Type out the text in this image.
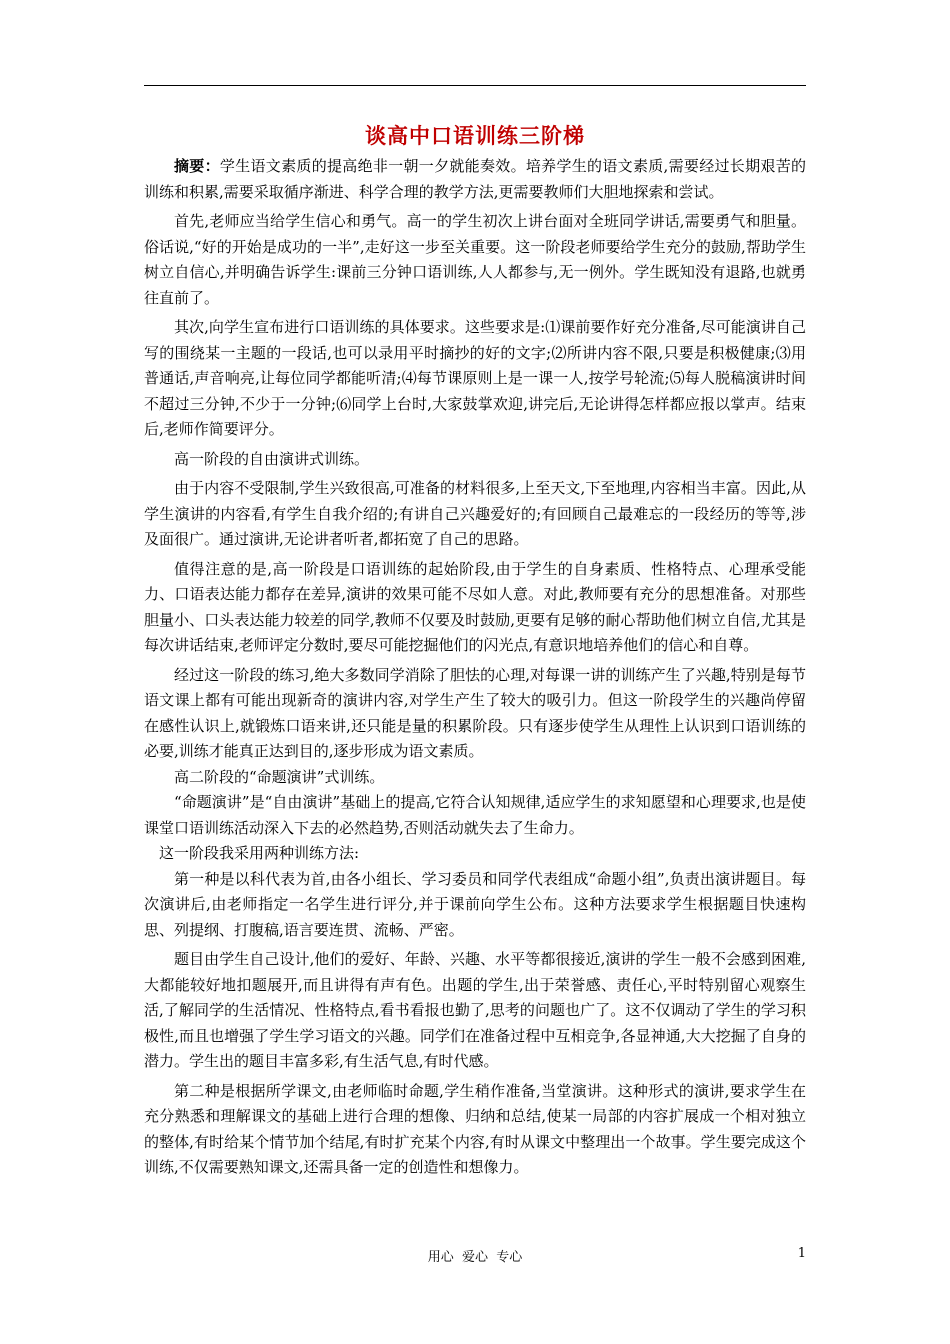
谈高中口语训练三阶梯

摘要：学生语文素质的提高绝非一朝一夕就能奏效。培养学生的语文素质,需要经过长期艰苦的训练和积累,需要采取循序渐进、科学合理的教学方法,更需要教师们大胆地探索和尝试。

首先,老师应当给学生信心和勇气。高一的学生初次上讲台面对全班同学讲话,需要勇气和胆量。俗话说,“好的开始是成功的一半”,走好这一步至关重要。这一阶段老师要给学生充分的鼓励,帮助学生树立自信心,并明确告诉学生:课前三分钟口语训练,人人都参与,无一例外。学生既知没有退路,也就勇往直前了。

其次,向学生宣布进行口语训练的具体要求。这些要求是:⑴课前要作好充分准备,尽可能演讲自己写的围绕某一主题的一段话,也可以录用平时摘抄的好的文字;⑵所讲内容不限,只要是积极健康;⑶用普通话,声音响亮,让每位同学都能听清;⑷每节课原则上是一课一人,按学号轮流;⑸每人脱稿演讲时间不超过三分钟,不少于一分钟;⑹同学上台时,大家鼓掌欢迎,讲完后,无论讲得怎样都应报以掌声。结束后,老师作简要评分。

高一阶段的自由演讲式训练。

由于内容不受限制,学生兴致很高,可准备的材料很多,上至天文,下至地理,内容相当丰富。因此,从学生演讲的内容看,有学生自我介绍的;有讲自己兴趣爱好的;有回顾自己最难忘的一段经历的等等,涉及面很广。通过演讲,无论讲者听者,都拓宽了自己的思路。

值得注意的是,高一阶段是口语训练的起始阶段,由于学生的自身素质、性格特点、心理承受能力、口语表达能力都存在差异,演讲的效果可能不尽如人意。对此,教师要有充分的思想准备。对那些胆量小、口头表达能力较差的同学,教师不仅要及时鼓励,更要有足够的耐心帮助他们树立自信,尤其是每次讲话结束,老师评定分数时,要尽可能挖掘他们的闪光点,有意识地培养他们的信心和自尊。

经过这一阶段的练习,绝大多数同学消除了胆怯的心理,对每课一讲的训练产生了兴趣,特别是每节语文课上都有可能出现新奇的演讲内容,对学生产生了较大的吸引力。但这一阶段学生的兴趣尚停留在感性认识上,就锻炼口语来讲,还只能是量的积累阶段。只有逐步使学生从理性上认识到口语训练的必要,训练才能真正达到目的,逐步形成为语文素质。

高二阶段的“命题演讲”式训练。

“命题演讲”是“自由演讲”基础上的提高,它符合认知规律,适应学生的求知愿望和心理要求,也是使课堂口语训练活动深入下去的必然趋势,否则活动就失去了生命力。

这一阶段我采用两种训练方法:

第一种是以科代表为首,由各小组长、学习委员和同学代表组成“命题小组”,负责出演讲题目。每次演讲后,由老师指定一名学生进行评分,并于课前向学生公布。这种方法要求学生根据题目快速构思、列提纲、打腹稿,语言要连贯、流畅、严密。

题目由学生自己设计,他们的爱好、年龄、兴趣、水平等都很接近,演讲的学生一般不会感到困难,大都能较好地扣题展开,而且讲得有声有色。出题的学生,出于荣誉感、责任心,平时特别留心观察生活,了解同学的生活情况、性格特点,看书看报也勤了,思考的问题也广了。这不仅调动了学生的学习积极性,而且也增强了学生学习语文的兴趣。同学们在准备过程中互相竞争,各显神通,大大挖掘了自身的潜力。学生出的题目丰富多彩,有生活气息,有时代感。

第二种是根据所学课文,由老师临时命题,学生稍作准备,当堂演讲。这种形式的演讲,要求学生在充分熟悉和理解课文的基础上进行合理的想像、归纳和总结,使某一局部的内容扩展成一个相对独立的整体,有时给某个情节加个结尾,有时扩充某个内容,有时从课文中整理出一个故事。学生要完成这个训练,不仅需要熟知课文,还需具备一定的创造性和想像力。

用心  爱心  专心	1
